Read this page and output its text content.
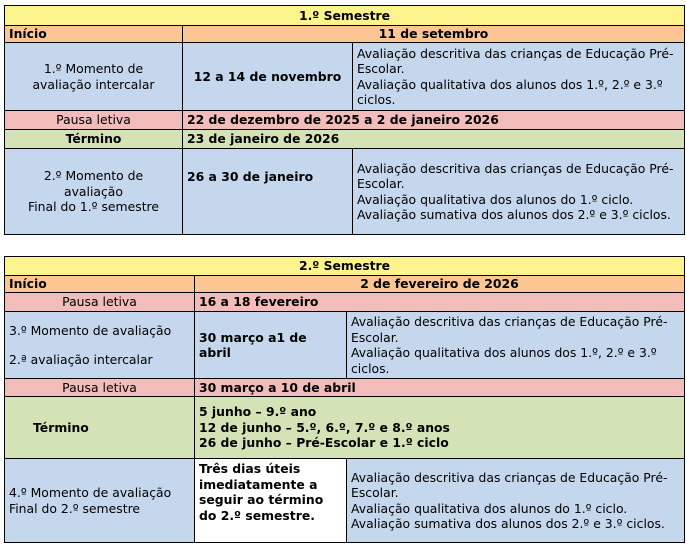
1.º Semestre		
Início	11 de setembro	
1.º Momento de avaliação intercalar	12 a 14 de novembro	Avaliação descritiva das crianças de Educação Pré-Escolar.
Avaliação qualitativa dos alunos dos 1.º, 2.º e 3.º ciclos.

Pausa letiva	22 de dezembro de 2025 a 2 de janeiro 2026	
Término	23 de janeiro de 2026	

2.º Momento de avaliação
Final do 1.º semestre	26 a 30 de janeiro	Avaliação descritiva das crianças de Educação Pré-Escolar.
Avaliação qualitativa dos alunos do 1.º ciclo.
Avaliação sumativa dos alunos dos 2.º e 3.º ciclos.
2.º Semestre		
Início	2 de fevereiro de 2026	
Pausa letiva	16 a 18 fevereiro	

3.º Momento de avaliação
2.ª avaliação intercalar	30 março a1 de abril	Avaliação descritiva das crianças de Educação Pré-Escolar.
Avaliação qualitativa dos alunos dos 1.º, 2.º e 3.º ciclos.

Pausa letiva	30 março a 10 de abril	
Término	5 junho – 9.º ano
12 de junho – 5.º, 6.º, 7.º e 8.º anos
26 de junho – Pré-Escolar e 1.º ciclo	

4.º Momento de avaliação
Final do 2.º semestre	Três dias úteis imediatamente a seguir ao término do 2.º semestre.	Avaliação descritiva das crianças de Educação Pré-Escolar.
Avaliação qualitativa dos alunos do 1.º ciclo.
Avaliação sumativa dos alunos dos 2.º e 3.º ciclos.
